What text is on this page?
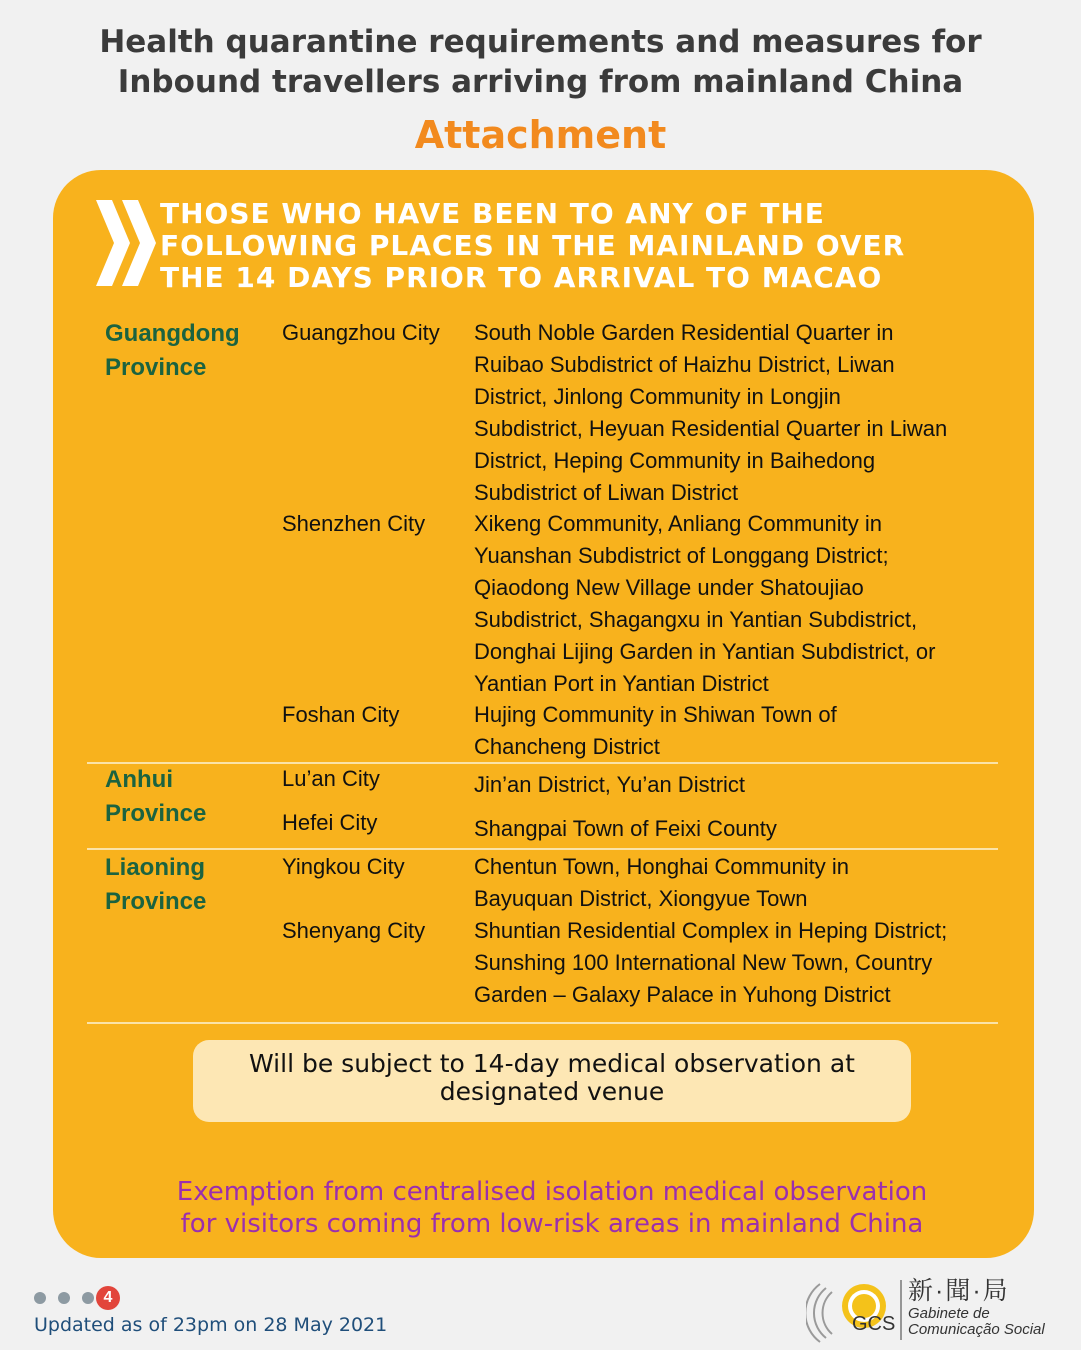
Health quarantine requirements and measures for
Inbound travellers arriving from mainland China
Attachment
THOSE WHO HAVE BEEN TO ANY OF THE
FOLLOWING PLACES IN THE MAINLAND OVER
THE 14 DAYS PRIOR TO ARRIVAL TO MACAO
Guangdong
Province
Guangzhou City	South Noble Garden Residential Quarter in
Ruibao Subdistrict of Haizhu District, Liwan
District, Jinlong Community in Longjin
Subdistrict, Heyuan Residential Quarter in Liwan
District, Heping Community in Baihedong
Subdistrict of Liwan District
Shenzhen City	Xikeng Community, Anliang Community in
Yuanshan Subdistrict of Longgang District;
Qiaodong New Village under Shatoujiao
Subdistrict, Shagangxu in Yantian Subdistrict,
Donghai Lijing Garden in Yantian Subdistrict, or
Yantian Port in Yantian District
Foshan City	Hujing Community in Shiwan Town of
Chancheng District
Anhui
Province
Lu’an City	Jin’an District, Yu’an District
Hefei City	Shangpai Town of Feixi County
Liaoning
Province
Yingkou City	Chentun Town, Honghai Community in
Bayuquan District, Xiongyue Town
Shenyang City	Shuntian Residential Complex in Heping District;
Sunshing 100 International New Town, Country
Garden – Galaxy Palace in Yuhong District
Will be subject to 14-day medical observation at
designated venue
Exemption from centralised isolation medical observation
for visitors coming from low-risk areas in mainland China
4
Updated as of 23pm on 28 May 2021	GCS
新·聞·局
Gabinete de
Comunicação Social
